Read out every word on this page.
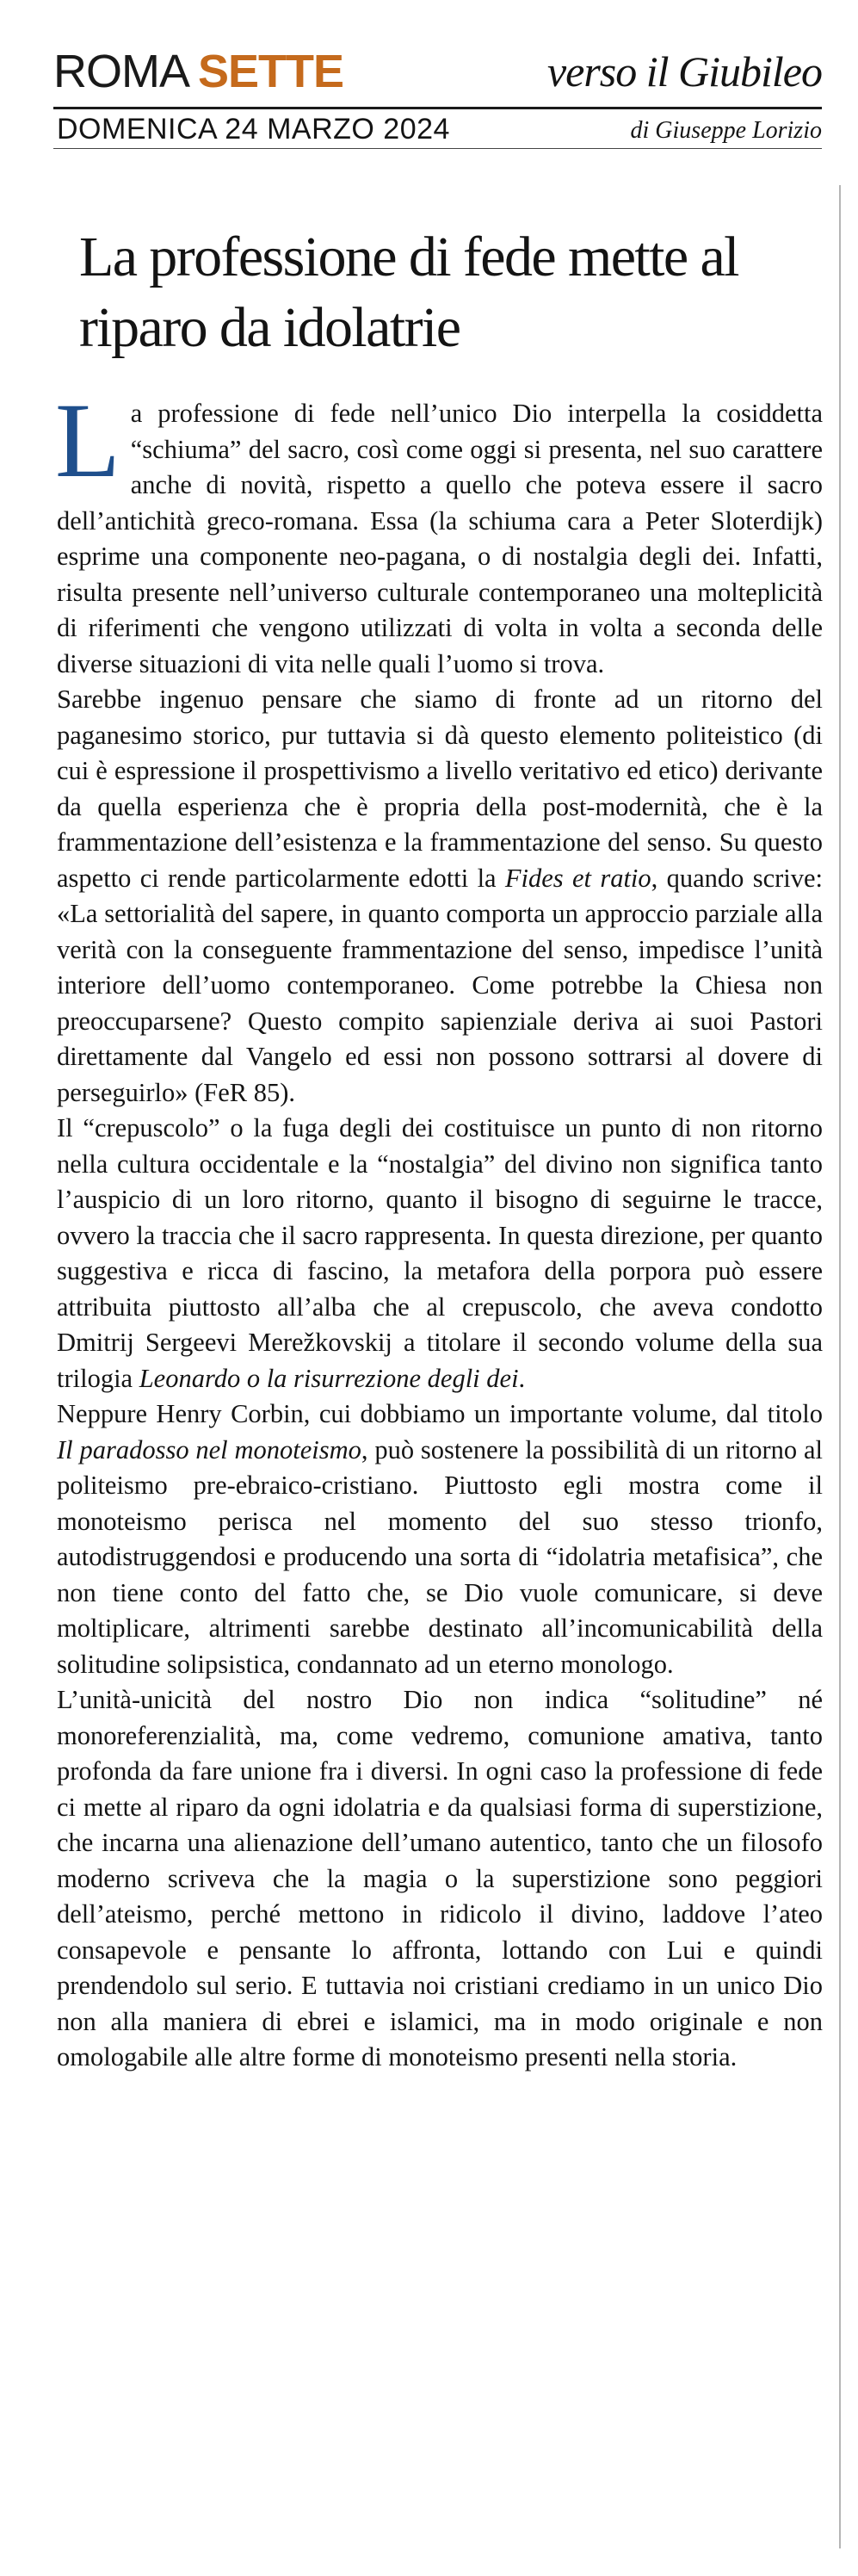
ROMA SETTE	verso il Giubileo
DOMENICA 24 MARZO 2024	di Giuseppe Lorizio
La professione di fede mette al riparo da idolatrie

La professione di fede nell’unico Dio interpella la cosiddetta “schiuma” del sacro, così come oggi si presenta, nel suo carattere anche di novità, rispetto a quello che poteva essere il sacro dell’antichità greco-romana. Essa (la schiuma cara a Peter Sloterdijk) esprime una componente neo-pagana, o di nostalgia degli dei. Infatti, risulta presente nell’universo culturale contemporaneo una molteplicità di riferimenti che vengono utilizzati di volta in volta a seconda delle diverse situazioni di vita nelle quali l’uomo si trova.

Sarebbe ingenuo pensare che siamo di fronte ad un ritorno del paganesimo storico, pur tuttavia si dà questo elemento politeistico (di cui è espressione il prospettivismo a livello veritativo ed etico) derivante da quella esperienza che è propria della post-modernità, che è la frammentazione dell’esistenza e la frammentazione del senso. Su questo aspetto ci rende particolarmente edotti la Fides et ratio, quando scrive: «La settorialità del sapere, in quanto comporta un approccio parziale alla verità con la conseguente frammentazione del senso, impedisce l’unità interiore dell’uomo contemporaneo. Come potrebbe la Chiesa non preoccuparsene? Questo compito sapienziale deriva ai suoi Pastori direttamente dal Vangelo ed essi non possono sottrarsi al dovere di perseguirlo» (FeR 85).

Il “crepuscolo” o la fuga degli dei costituisce un punto di non ritorno nella cultura occidentale e la “nostalgia” del divino non significa tanto l’auspicio di un loro ritorno, quanto il bisogno di seguirne le tracce, ovvero la traccia che il sacro rappresenta. In questa direzione, per quanto suggestiva e ricca di fascino, la metafora della porpora può essere attribuita piuttosto all’alba che al crepuscolo, che aveva condotto Dmitrij Sergeevi Merežkovskij a titolare il secondo volume della sua trilogia Leonardo o la risurrezione degli dei.

Neppure Henry Corbin, cui dobbiamo un importante volume, dal titolo Il paradosso nel monoteismo, può sostenere la possibilità di un ritorno al politeismo pre-ebraico-cristiano. Piuttosto egli mostra come il monoteismo perisca nel momento del suo stesso trionfo, autodistruggendosi e producendo una sorta di “idolatria metafisica”, che non tiene conto del fatto che, se Dio vuole comunicare, si deve moltiplicare, altrimenti sarebbe destinato all’incomunicabilità della solitudine solipsistica, condannato ad un eterno monologo.

L’unità-unicità del nostro Dio non indica “solitudine” né monoreferenzialità, ma, come vedremo, comunione amativa, tanto profonda da fare unione fra i diversi. In ogni caso la professione di fede ci mette al riparo da ogni idolatria e da qualsiasi forma di superstizione, che incarna una alienazione dell’umano autentico, tanto che un filosofo moderno scriveva che la magia o la superstizione sono peggiori dell’ateismo, perché mettono in ridicolo il divino, laddove l’ateo consapevole e pensante lo affronta, lottando con Lui e quindi prendendolo sul serio. E tuttavia noi cristiani crediamo in un unico Dio non alla maniera di ebrei e islamici, ma in modo originale e non omologabile alle altre forme di monoteismo presenti nella storia.
